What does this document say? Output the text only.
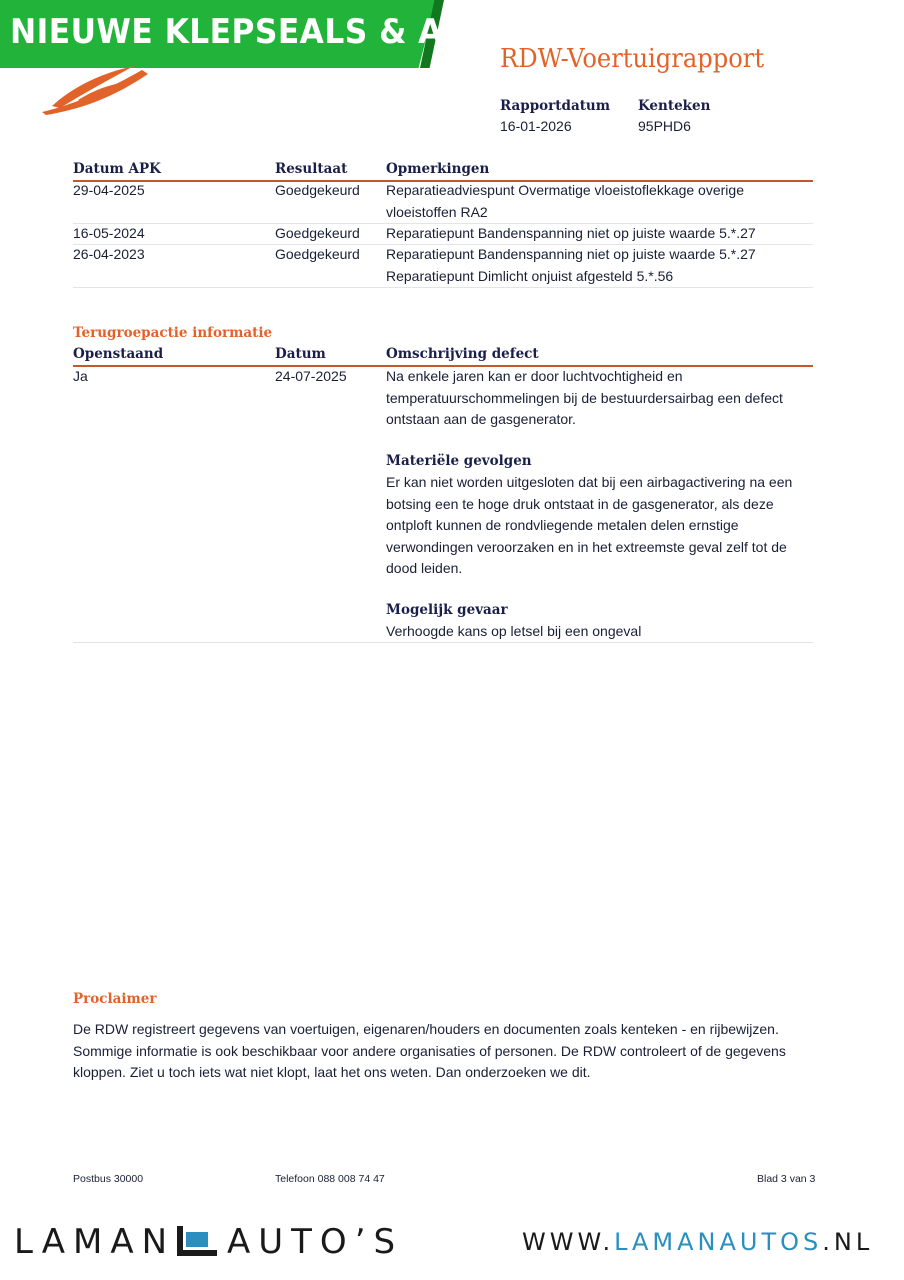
NIEUWE KLEPSEALS & APK
RDW-Voertuigrapport
Rapportdatum
16-01-2026
Kenteken
95PHD6
Datum APK	Resultaat	Opmerkingen
29-04-2025	Goedgekeurd Reparatieadviespunt Overmatige vloeistoflekkage overige
vloeistoffen RA2
16-05-2024	Goedgekeurd Reparatiepunt Bandenspanning niet op juiste waarde 5.*.27
26-04-2023	Goedgekeurd Reparatiepunt Bandenspanning niet op juiste waarde 5.*.27
Reparatiepunt Dimlicht onjuist afgesteld 5.*.56
Terugroepactie informatie
Openstaand	Datum	Omschrijving defect
Ja	24-07-2025	Na enkele jaren kan er door luchtvochtigheid en
temperatuurschommelingen bij de bestuurdersairbag een defect
ontstaan aan de gasgenerator.
Materiële gevolgen
Er kan niet worden uitgesloten dat bij een airbagactivering na een
botsing een te hoge druk ontstaat in de gasgenerator, als deze
ontploft kunnen de rondvliegende metalen delen ernstige
verwondingen veroorzaken en in het extreemste geval zelf tot de
dood leiden.
Mogelijk gevaar
Verhoogde kans op letsel bij een ongeval
Proclaimer
De RDW registreert gegevens van voertuigen, eigenaren/houders en documenten zoals kenteken - en rijbewijzen.
Sommige informatie is ook beschikbaar voor andere organisaties of personen. De RDW controleert of de gegevens
kloppen. Ziet u toch iets wat niet klopt, laat het ons weten. Dan onderzoeken we dit.
Postbus 30000	Telefoon 088 008 74 47	Blad 3 van 3
LAMAN AUTO’S	WWW.LAMANAUTOS.NL
